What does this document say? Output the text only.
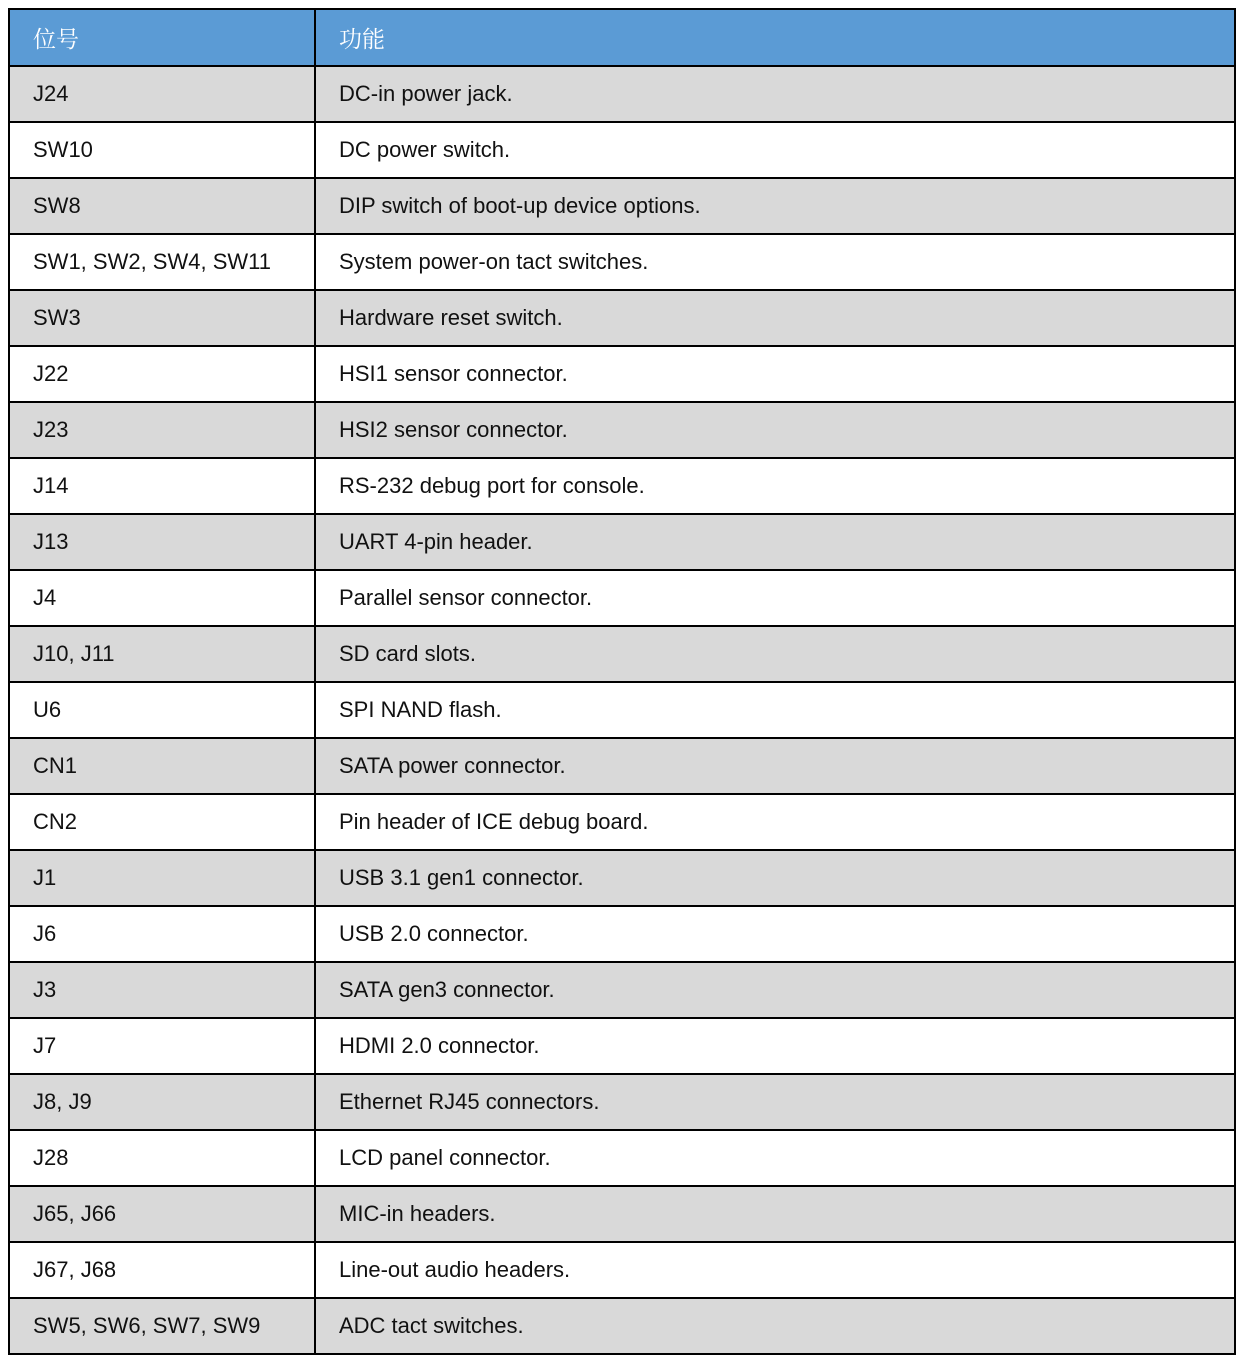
位号	功能
J24	DC-in power jack.
SW10	DC power switch.
SW8	DIP switch of boot-up device options.
SW1, SW2, SW4, SW11	System power-on tact switches.
SW3	Hardware reset switch.
J22	HSI1 sensor connector.
J23	HSI2 sensor connector.
J14	RS-232 debug port for console.
J13	UART 4-pin header.
J4	Parallel sensor connector.
J10, J11	SD card slots.
U6	SPI NAND flash.
CN1	SATA power connector.
CN2	Pin header of ICE debug board.
J1	USB 3.1 gen1 connector.
J6	USB 2.0 connector.
J3	SATA gen3 connector.
J7	HDMI 2.0 connector.
J8, J9	Ethernet RJ45 connectors.
J28	LCD panel connector.
J65, J66	MIC-in headers.
J67, J68	Line-out audio headers.
SW5, SW6, SW7, SW9	ADC tact switches.
